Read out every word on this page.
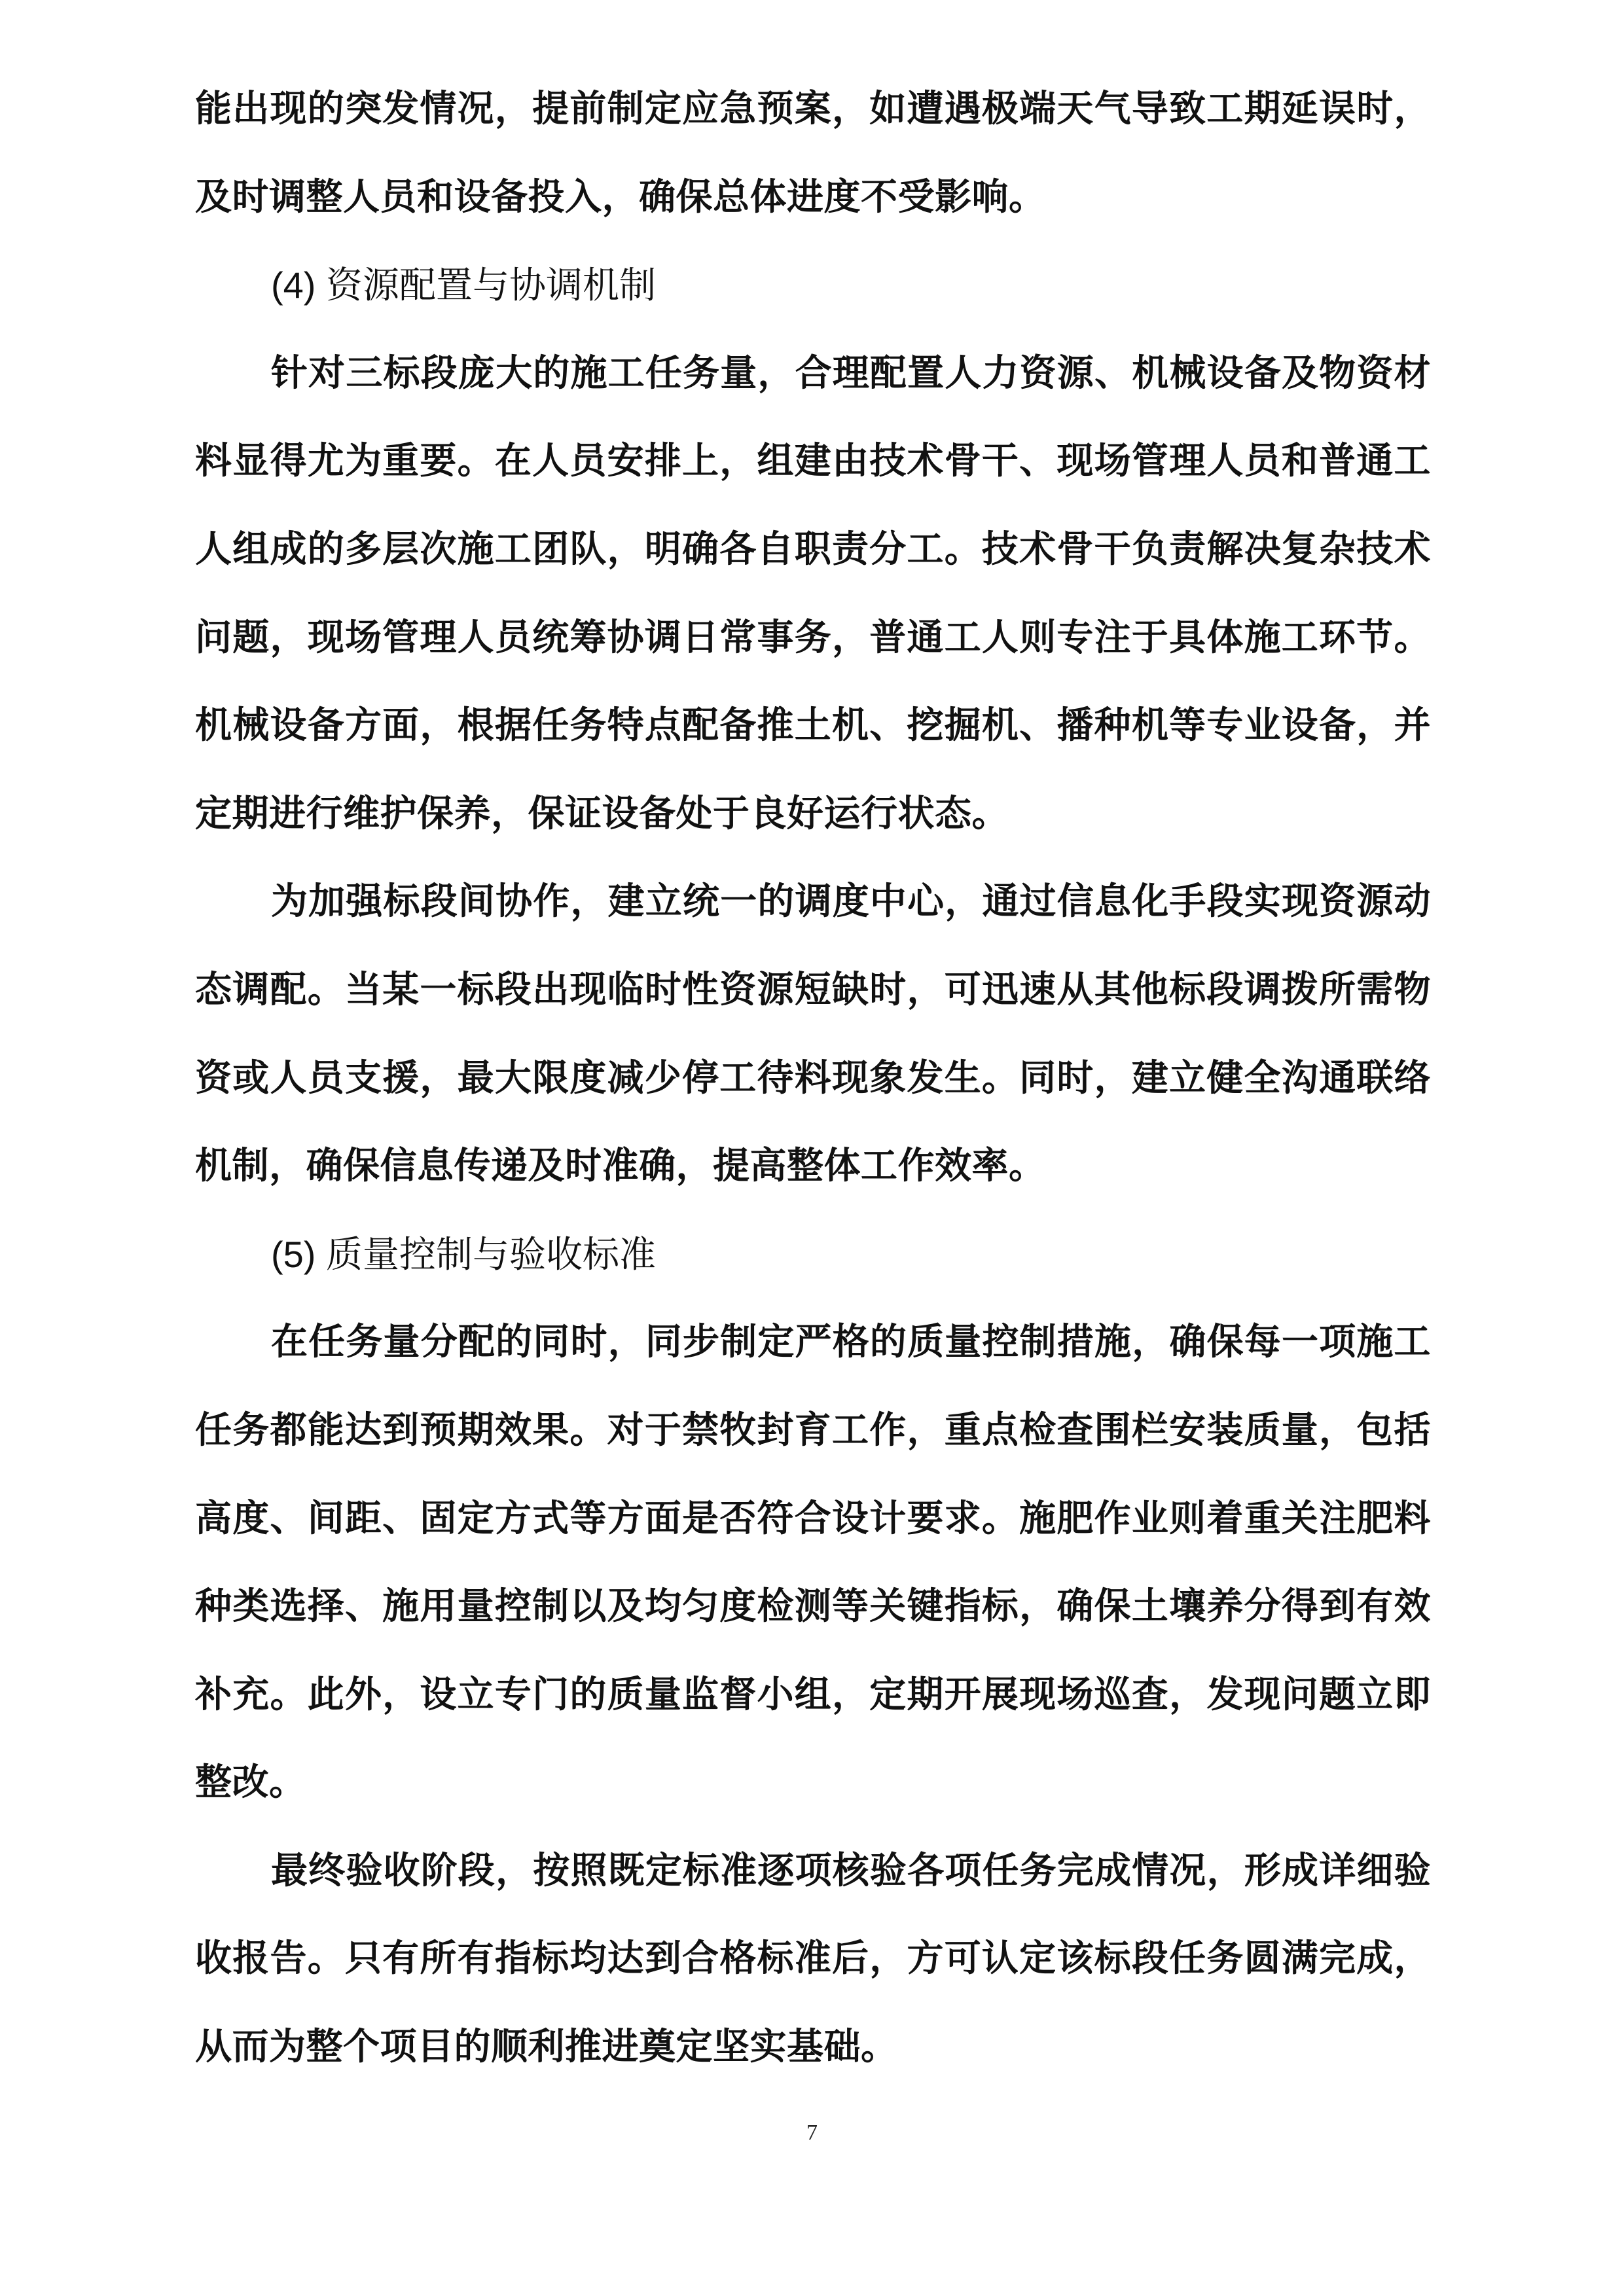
能出现的突发情况，提前制定应急预案，如遭遇极端天气导致工期延误时，及时调整人员和设备投入，确保总体进度不受影响。

(4) 资源配置与协调机制

针对三标段庞大的施工任务量，合理配置人力资源、机械设备及物资材料显得尤为重要。在人员安排上，组建由技术骨干、现场管理人员和普通工人组成的多层次施工团队，明确各自职责分工。技术骨干负责解决复杂技术问题，现场管理人员统筹协调日常事务，普通工人则专注于具体施工环节。机械设备方面，根据任务特点配备推土机、挖掘机、播种机等专业设备，并定期进行维护保养，保证设备处于良好运行状态。

为加强标段间协作，建立统一的调度中心，通过信息化手段实现资源动态调配。当某一标段出现临时性资源短缺时，可迅速从其他标段调拨所需物资或人员支援，最大限度减少停工待料现象发生。同时，建立健全沟通联络机制，确保信息传递及时准确，提高整体工作效率。

(5) 质量控制与验收标准

在任务量分配的同时，同步制定严格的质量控制措施，确保每一项施工任务都能达到预期效果。对于禁牧封育工作，重点检查围栏安装质量，包括高度、间距、固定方式等方面是否符合设计要求。施肥作业则着重关注肥料种类选择、施用量控制以及均匀度检测等关键指标，确保土壤养分得到有效补充。此外，设立专门的质量监督小组，定期开展现场巡查，发现问题立即整改。

最终验收阶段，按照既定标准逐项核验各项任务完成情况，形成详细验收报告。只有所有指标均达到合格标准后，方可认定该标段任务圆满完成，从而为整个项目的顺利推进奠定坚实基础。

7
